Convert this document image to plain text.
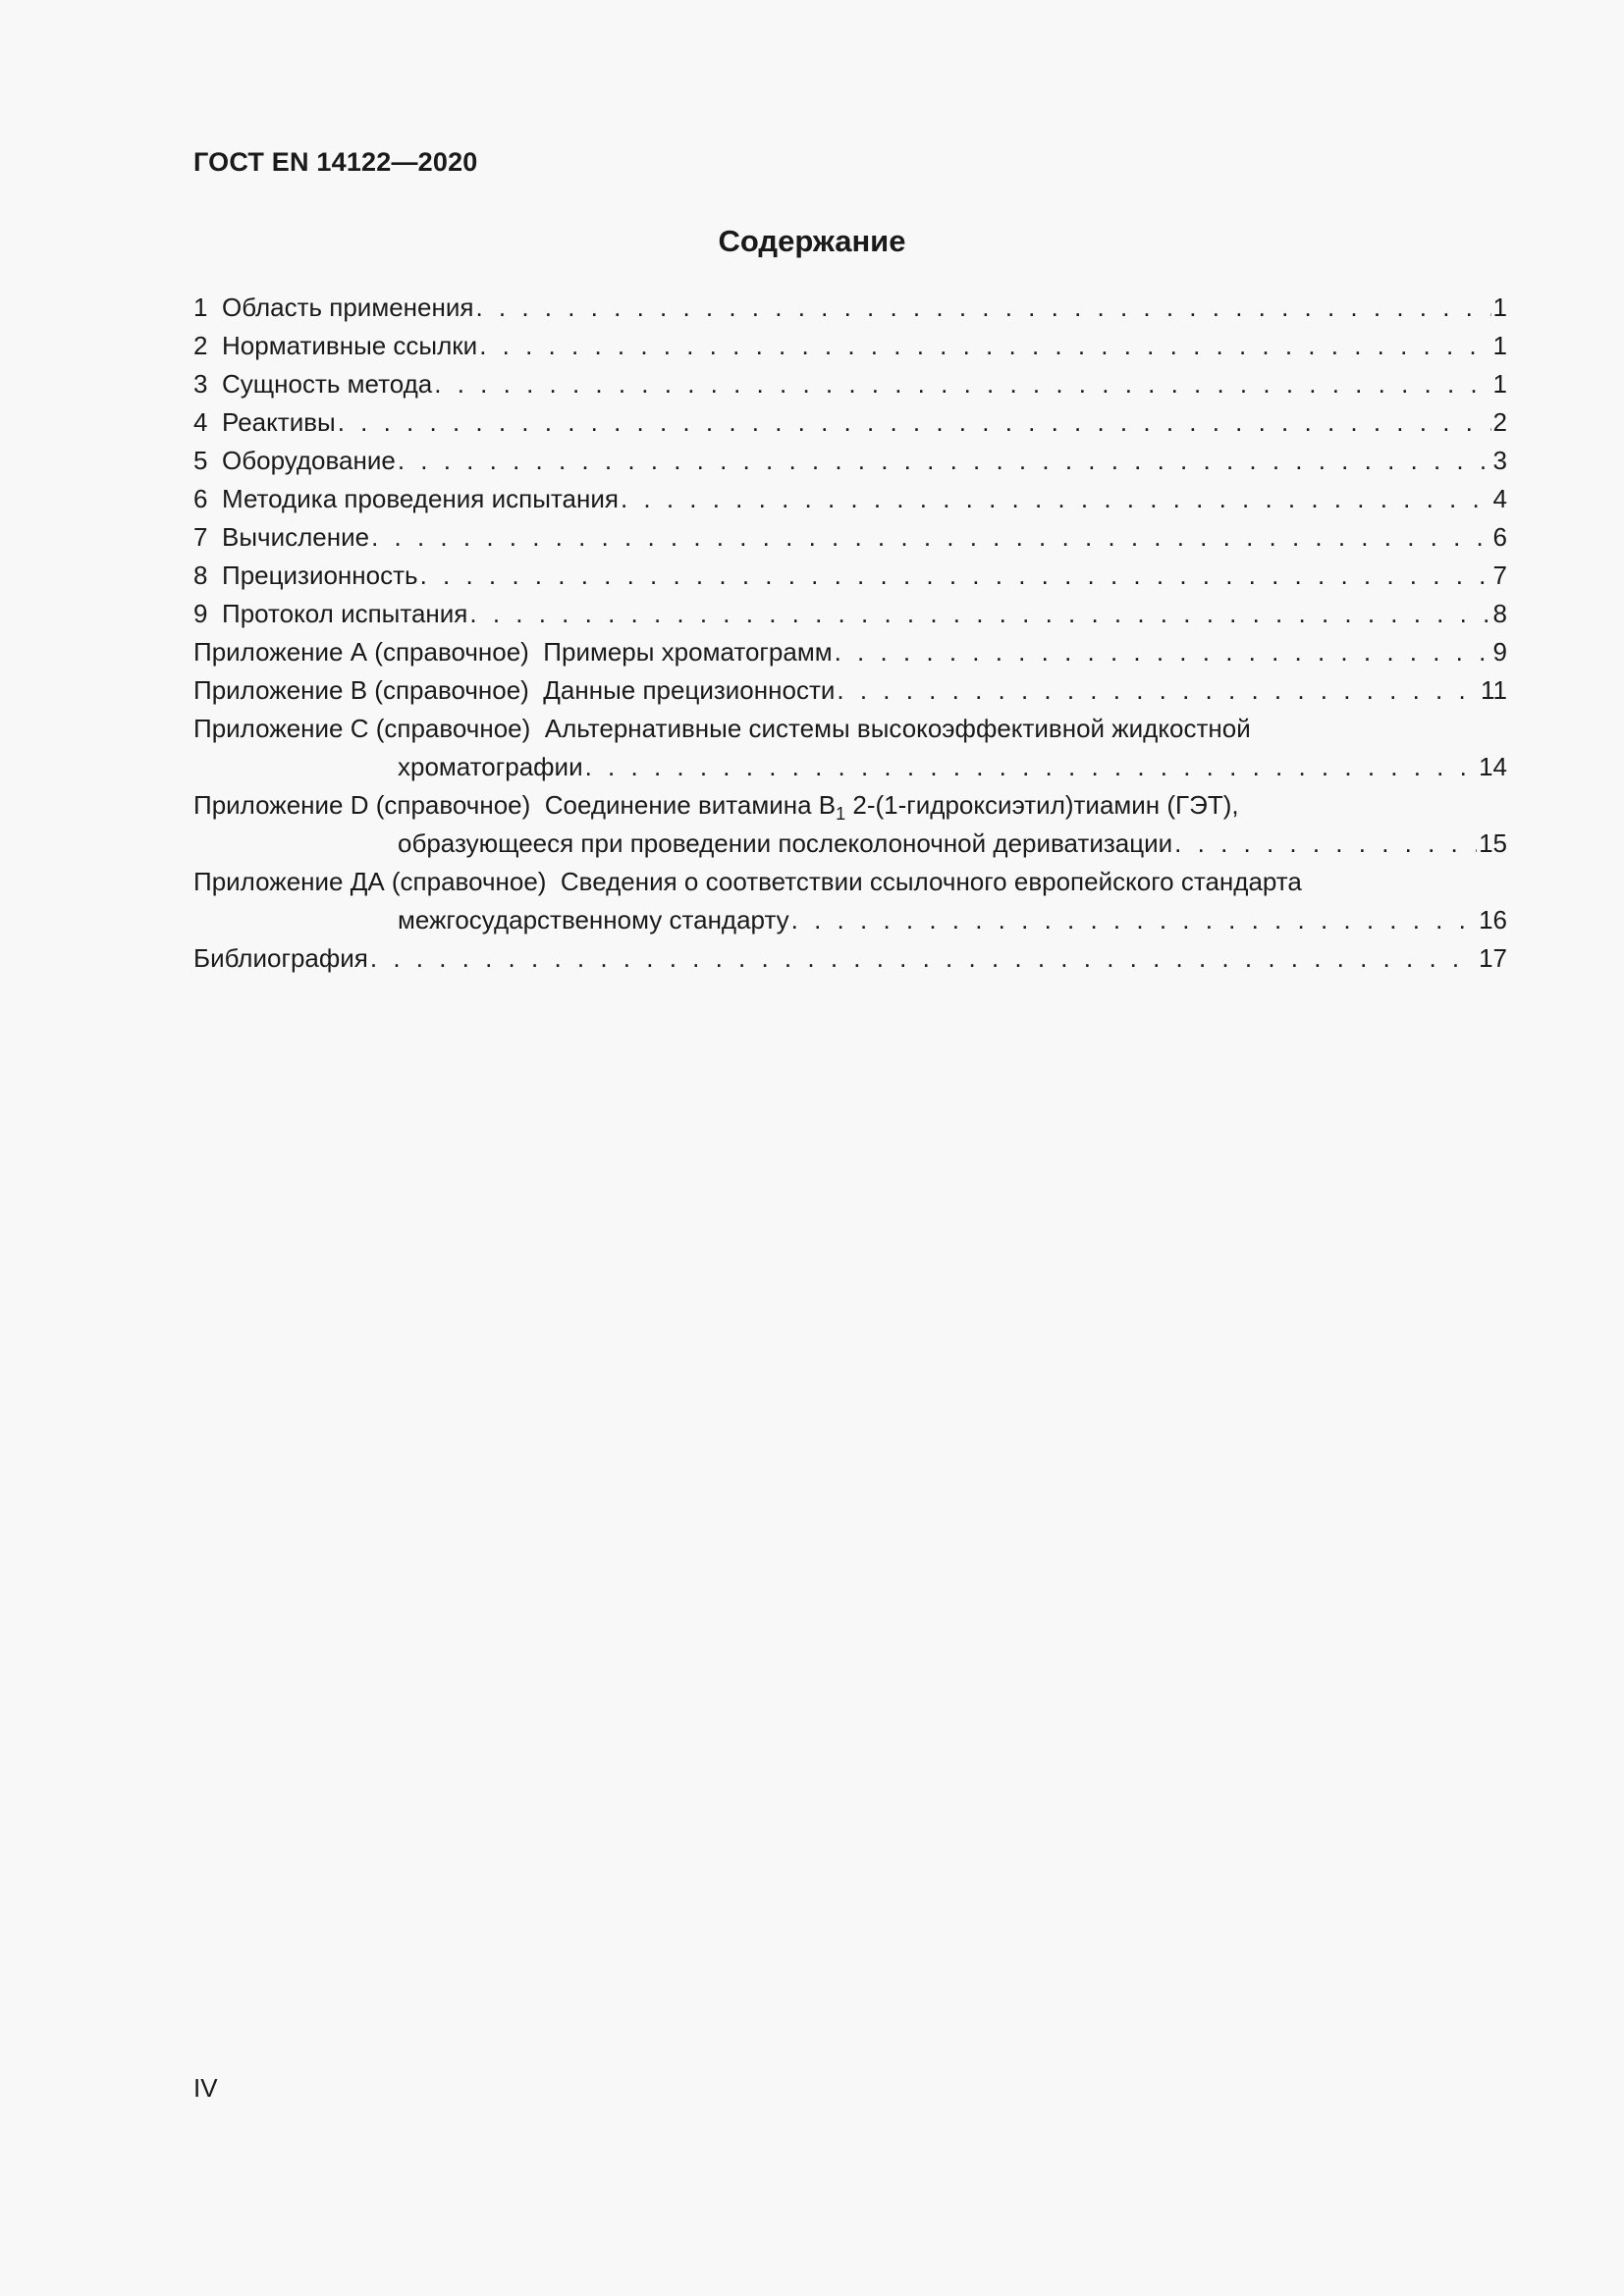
ГОСТ EN 14122—2020
Содержание
1 Область применения . . .	1
2 Нормативные ссылки . . .	1
3 Сущность метода . . .	1
4 Реактивы . . .	2
5 Оборудование . . .	3
6 Методика проведения испытания . . .	4
7 Вычисление . . .	6
8 Прецизионность . . .	7
9 Протокол испытания . . .	8
Приложение А (справочное) Примеры хроматограмм . . .	9
Приложение В (справочное) Данные прецизионности . . .	11
Приложение С (справочное) Альтернативные системы высокоэффективной жидкостной
хроматографии . . .	14
Приложение D (справочное) Соединение витамина $В_1$ 2-(1-гидроксиэтил)тиамин (ГЭТ),
образующееся при проведении послеколоночной дериватизации . . .	15
Приложение ДА (справочное) Сведения о соответствии ссылочного европейского стандарта
межгосударственному стандарту . . .	16
Библиография . . .	17
IV
